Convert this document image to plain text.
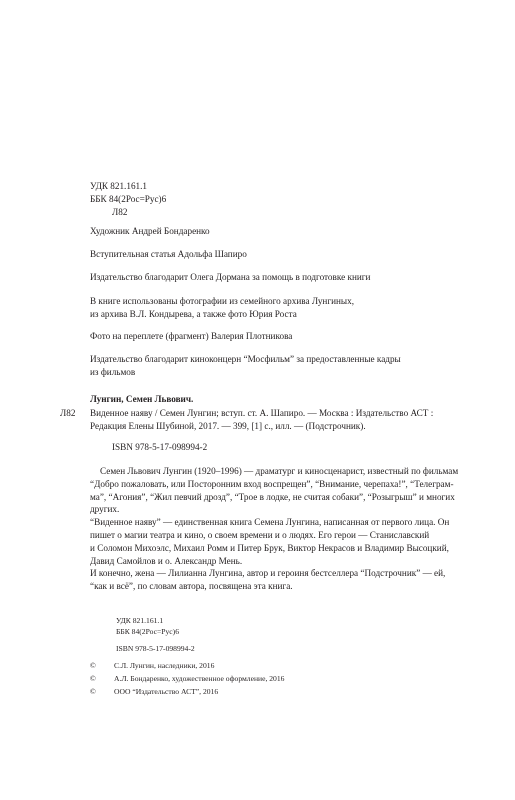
УДК 821.161.1
ББК 84(2Рос=Рус)6
Л82
Художник Андрей Бондаренко
Вступительная статья Адольфа Шапиро
Издательство благодарит Олега Дормана за помощь в подготовке книги
В книге использованы фотографии из семейного архива Лунгиных,
из архива В.Л. Кондырева, а также фото Юрия Роста
Фото на переплете (фрагмент) Валерия Плотникова
Издательство благодарит киноконцерн “Мосфильм” за предоставленные кадры
из фильмов
Лунгин, Семен Львович.
Л82 Виденное наяву / Семен Лунгин; вступ. ст. А. Шапиро. — Москва : Издательство АСТ :
Редакция Елены Шубиной, 2017. — 399, [1] с., илл. — (Подстрочник).
ISBN 978-5-17-098994-2
Семен Львович Лунгин (1920–1996) — драматург и киносценарист, известный по фильмам
“Добро пожаловать, или Посторонним вход воспрещен”, “Внимание, черепаха!”, “Телеграм-
ма”, “Агония”, “Жил певчий дрозд”, “Трое в лодке, не считая собаки”, “Розыгрыш” и многих
других.
“Виденное наяву” — единственная книга Семена Лунгина, написанная от первого лица. Он
пишет о магии театра и кино, о своем времени и о людях. Его герои — Станиславский
и Соломон Михоэлс, Михаил Ромм и Питер Брук, Виктор Некрасов и Владимир Высоцкий,
Давид Самойлов и о. Александр Мень.
И конечно, жена — Лилианна Лунгина, автор и героиня бестселлера “Подстрочник” — ей,
“как и всё”, по словам автора, посвящена эта книга.
УДК 821.161.1
ББК 84(2Рос=Рус)6
ISBN 978-5-17-098994-2
©	С.Л. Лунгин, наследники, 2016
©	А.Л. Бондаренко, художественное оформление, 2016
©	ООО “Издательство АСТ”, 2016
